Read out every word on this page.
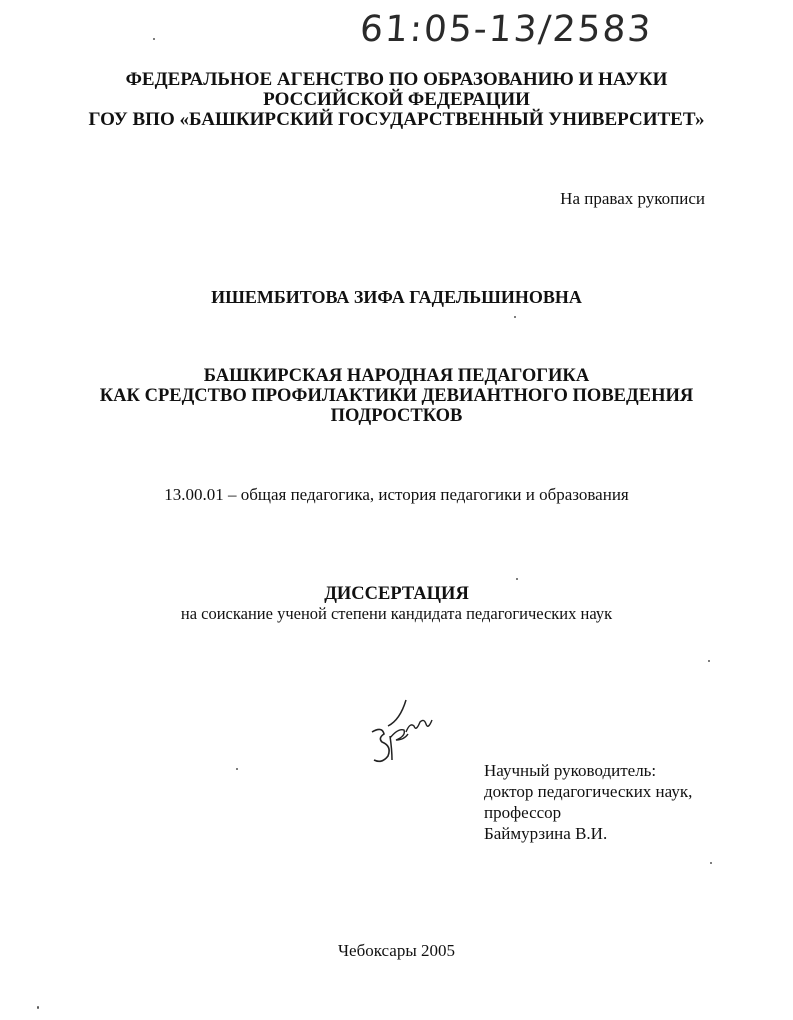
61:05-13/2583
ФЕДЕРАЛЬНОЕ АГЕНСТВО ПО ОБРАЗОВАНИЮ И НАУКИ
РОССИЙСКОЙ ФЕДЕРАЦИИ
ГОУ ВПО «БАШКИРСКИЙ ГОСУДАРСТВЕННЫЙ УНИВЕРСИТЕТ»
На правах рукописи
ИШЕМБИТОВА ЗИФА ГАДЕЛЬШИНОВНА
БАШКИРСКАЯ НАРОДНАЯ ПЕДАГОГИКА
КАК СРЕДСТВО ПРОФИЛАКТИКИ ДЕВИАНТНОГО ПОВЕДЕНИЯ
ПОДРОСТКОВ
13.00.01 – общая педагогика, история педагогики и образования
ДИССЕРТАЦИЯ
на соискание ученой степени кандидата педагогических наук
Научный руководитель:
доктор педагогических наук,
профессор
Баймурзина В.И.
Чебоксары 2005
